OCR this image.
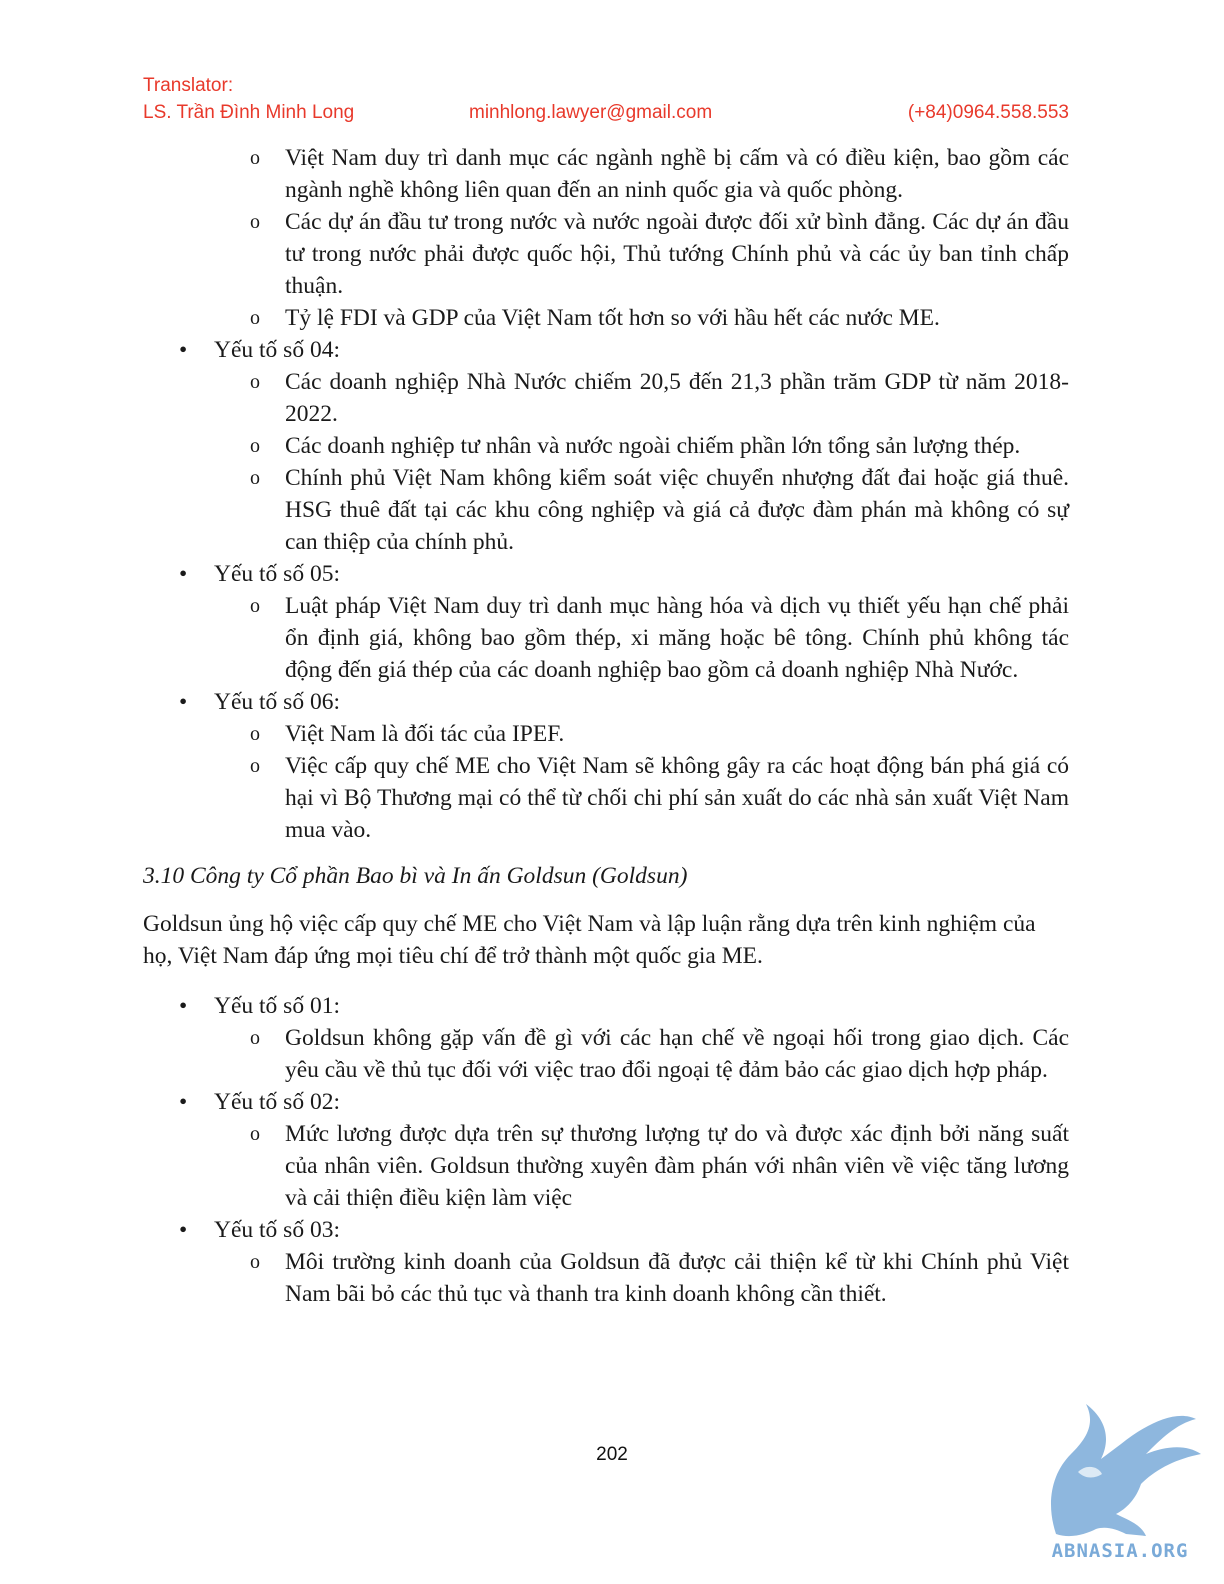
Translator:
LS. Trần Đình Minh Long	minhlong.lawyer@gmail.com	(+84)0964.558.553
o Việt Nam duy trì danh mục các ngành nghề bị cấm và có điều kiện, bao gồm các ngành nghề không liên quan đến an ninh quốc gia và quốc phòng.
o Các dự án đầu tư trong nước và nước ngoài được đối xử bình đẳng. Các dự án đầu tư trong nước phải được quốc hội, Thủ tướng Chính phủ và các ủy ban tỉnh chấp thuận.
o Tỷ lệ FDI và GDP của Việt Nam tốt hơn so với hầu hết các nước ME.
• Yếu tố số 04:
o Các doanh nghiệp Nhà Nước chiếm 20,5 đến 21,3 phần trăm GDP từ năm 2018-2022.
o Các doanh nghiệp tư nhân và nước ngoài chiếm phần lớn tổng sản lượng thép.
o Chính phủ Việt Nam không kiểm soát việc chuyển nhượng đất đai hoặc giá thuê. HSG thuê đất tại các khu công nghiệp và giá cả được đàm phán mà không có sự can thiệp của chính phủ.
• Yếu tố số 05:
o Luật pháp Việt Nam duy trì danh mục hàng hóa và dịch vụ thiết yếu hạn chế phải ổn định giá, không bao gồm thép, xi măng hoặc bê tông. Chính phủ không tác động đến giá thép của các doanh nghiệp bao gồm cả doanh nghiệp Nhà Nước.
• Yếu tố số 06:
o Việt Nam là đối tác của IPEF.
o Việc cấp quy chế ME cho Việt Nam sẽ không gây ra các hoạt động bán phá giá có hại vì Bộ Thương mại có thể từ chối chi phí sản xuất do các nhà sản xuất Việt Nam mua vào.
3.10 Công ty Cổ phần Bao bì và In ấn Goldsun (Goldsun)
Goldsun ủng hộ việc cấp quy chế ME cho Việt Nam và lập luận rằng dựa trên kinh nghiệm của họ, Việt Nam đáp ứng mọi tiêu chí để trở thành một quốc gia ME.
• Yếu tố số 01:
o Goldsun không gặp vấn đề gì với các hạn chế về ngoại hối trong giao dịch. Các yêu cầu về thủ tục đối với việc trao đổi ngoại tệ đảm bảo các giao dịch hợp pháp.
• Yếu tố số 02:
o Mức lương được dựa trên sự thương lượng tự do và được xác định bởi năng suất của nhân viên. Goldsun thường xuyên đàm phán với nhân viên về việc tăng lương và cải thiện điều kiện làm việc
• Yếu tố số 03:
o Môi trường kinh doanh của Goldsun đã được cải thiện kể từ khi Chính phủ Việt Nam bãi bỏ các thủ tục và thanh tra kinh doanh không cần thiết.
202
ABNASIA.ORG
